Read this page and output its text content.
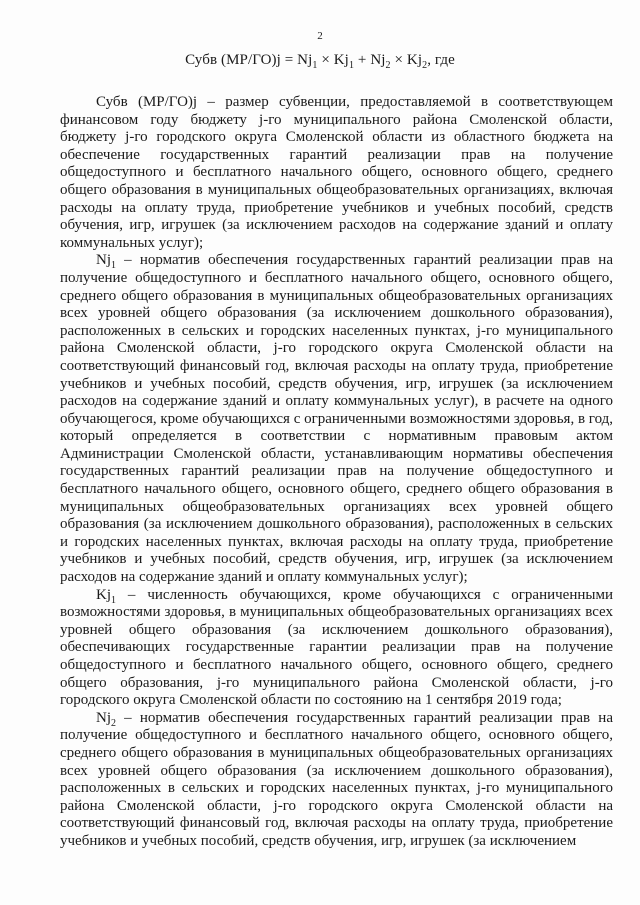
2
Субв $(МР/ГО)j = Nj_1 \times Kj_1 + Nj_2 \times Kj_2$, где

Субв (МР/ГО)j – размер субвенции, предоставляемой в соответствующем финансовом году бюджету j-го муниципального района Смоленской области, бюджету j-го городского округа Смоленской области из областного бюджета на обеспечение государственных гарантий реализации прав на получение общедоступного и бесплатного начального общего, основного общего, среднего общего образования в муниципальных общеобразовательных организациях, включая расходы на оплату труда, приобретение учебников и учебных пособий, средств обучения, игр, игрушек (за исключением расходов на содержание зданий и оплату коммунальных услуг);

$Nj_1$ – норматив обеспечения государственных гарантий реализации прав на получение общедоступного и бесплатного начального общего, основного общего, среднего общего образования в муниципальных общеобразовательных организациях всех уровней общего образования (за исключением дошкольного образования), расположенных в сельских и городских населенных пунктах, j-го муниципального района Смоленской области, j-го городского округа Смоленской области на соответствующий финансовый год, включая расходы на оплату труда, приобретение учебников и учебных пособий, средств обучения, игр, игрушек (за исключением расходов на содержание зданий и оплату коммунальных услуг), в расчете на одного обучающегося, кроме обучающихся с ограниченными возможностями здоровья, в год, который определяется в соответствии с нормативным правовым актом Администрации Смоленской области, устанавливающим нормативы обеспечения государственных гарантий реализации прав на получение общедоступного и бесплатного начального общего, основного общего, среднего общего образования в муниципальных общеобразовательных организациях всех уровней общего образования (за исключением дошкольного образования), расположенных в сельских и городских населенных пунктах, включая расходы на оплату труда, приобретение учебников и учебных пособий, средств обучения, игр, игрушек (за исключением расходов на содержание зданий и оплату коммунальных услуг);

$Kj_1$ – численность обучающихся, кроме обучающихся с ограниченными возможностями здоровья, в муниципальных общеобразовательных организациях всех уровней общего образования (за исключением дошкольного образования), обеспечивающих государственные гарантии реализации прав на получение общедоступного и бесплатного начального общего, основного общего, среднего общего образования, j-го муниципального района Смоленской области, j-го городского округа Смоленской области по состоянию на 1 сентября 2019 года;

$Nj_2$ – норматив обеспечения государственных гарантий реализации прав на получение общедоступного и бесплатного начального общего, основного общего, среднего общего образования в муниципальных общеобразовательных организациях всех уровней общего образования (за исключением дошкольного образования), расположенных в сельских и городских населенных пунктах, j-го муниципального района Смоленской области, j-го городского округа Смоленской области на соответствующий финансовый год, включая расходы на оплату труда, приобретение учебников и учебных пособий, средств обучения, игр, игрушек (за исключением
